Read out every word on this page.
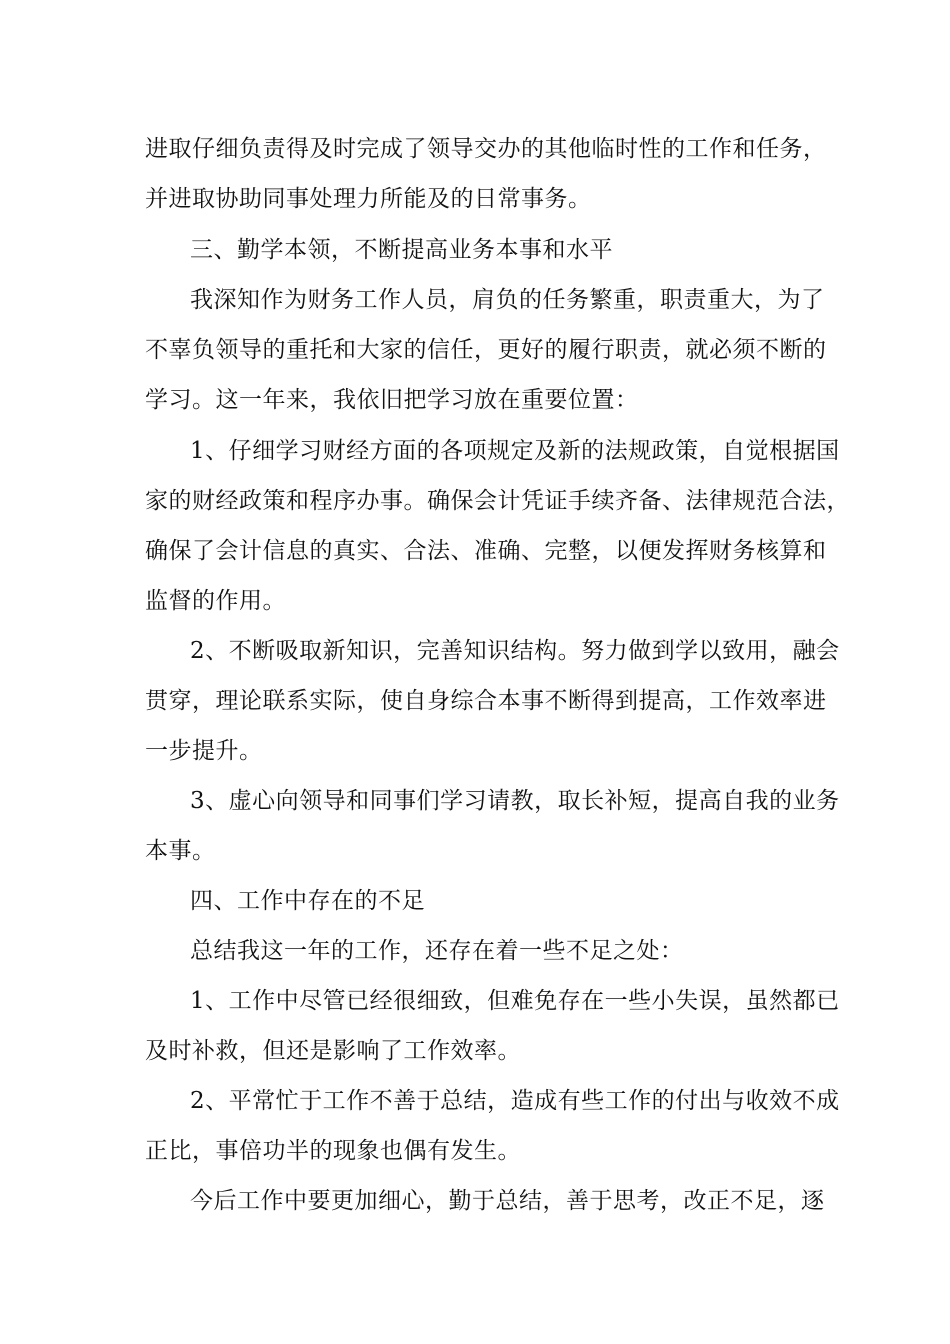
进取仔细负责得及时完成了领导交办的其他临时性的工作和任务，
并进取协助同事处理力所能及的日常事务。
三、勤学本领，不断提高业务本事和水平
我深知作为财务工作人员，肩负的任务繁重，职责重大，为了
不辜负领导的重托和大家的信任，更好的履行职责，就必须不断的
学习。这一年来，我依旧把学习放在重要位置：
1、仔细学习财经方面的各项规定及新的法规政策，自觉根据国
家的财经政策和程序办事。确保会计凭证手续齐备、法律规范合法，
确保了会计信息的真实、合法、准确、完整，以便发挥财务核算和
监督的作用。
2、不断吸取新知识，完善知识结构。努力做到学以致用，融会
贯穿，理论联系实际，使自身综合本事不断得到提高，工作效率进
一步提升。
3、虚心向领导和同事们学习请教，取长补短，提高自我的业务
本事。
四、工作中存在的不足
总结我这一年的工作，还存在着一些不足之处：
1、工作中尽管已经很细致，但难免存在一些小失误，虽然都已
及时补救，但还是影响了工作效率。
2、平常忙于工作不善于总结，造成有些工作的付出与收效不成
正比，事倍功半的现象也偶有发生。
今后工作中要更加细心，勤于总结，善于思考，改正不足，逐
